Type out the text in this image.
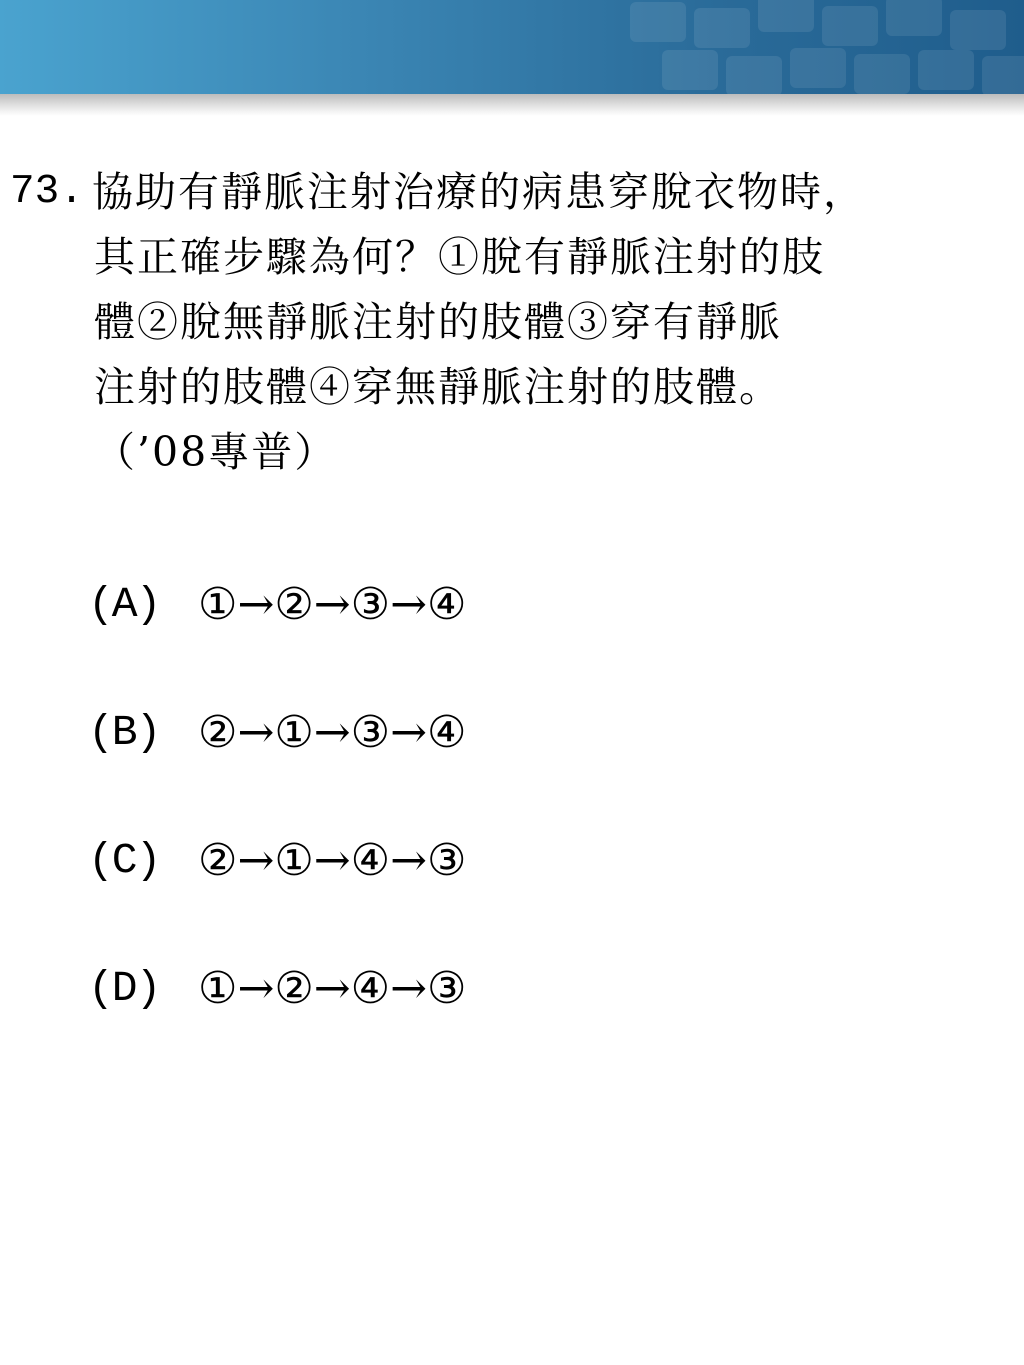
73. 協助有靜脈注射治療的病患穿脫衣物時，
其正確步驟為何？①脫有靜脈注射的肢
體②脫無靜脈注射的肢體③穿有靜脈
注射的肢體④穿無靜脈注射的肢體。
（’08專普）
(A) ①→②→③→④
(B) ②→①→③→④
(C) ②→①→④→③
(D) ①→②→④→③
